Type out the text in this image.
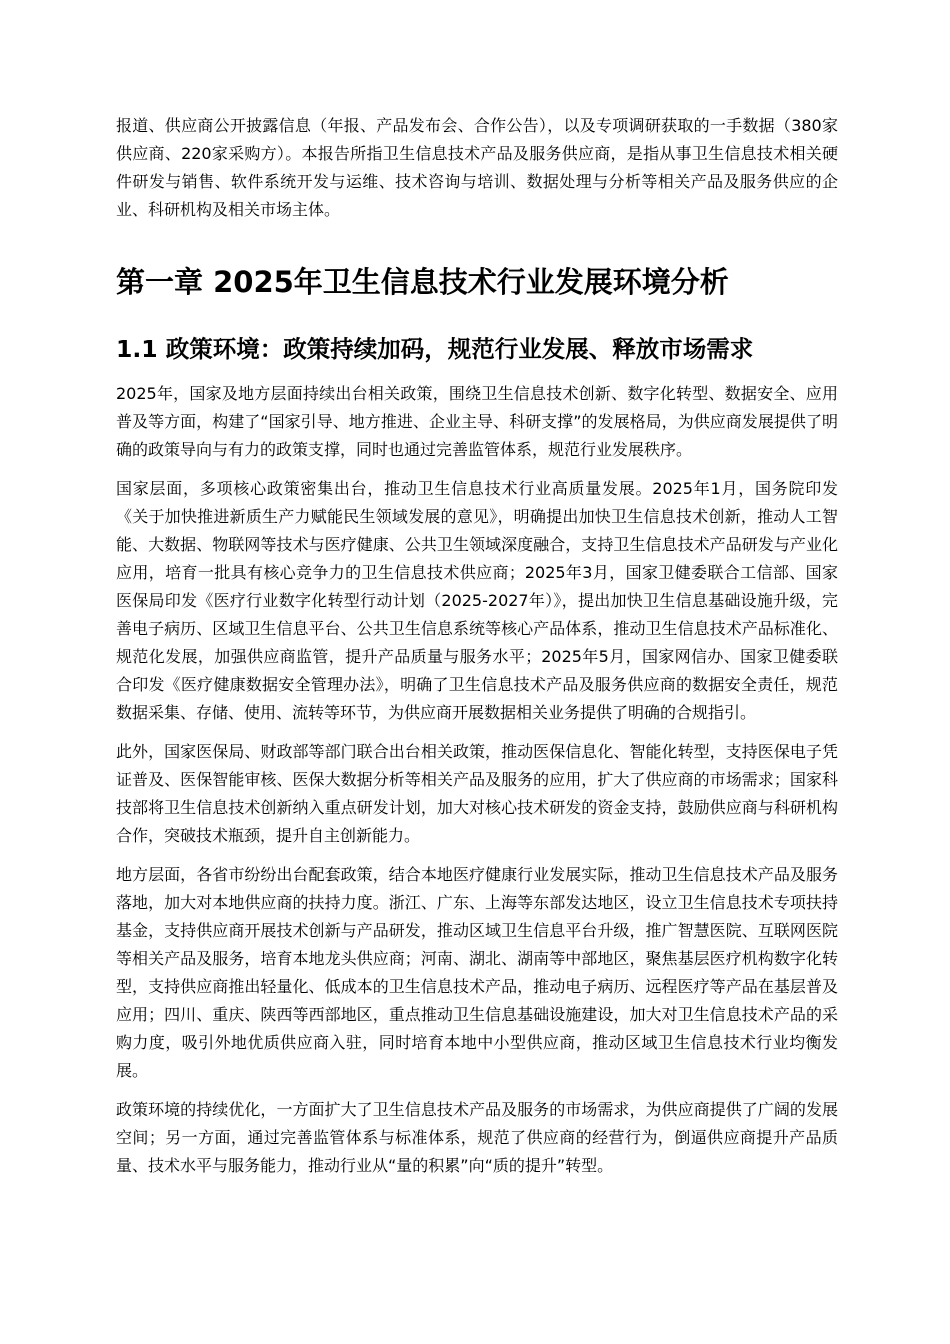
报道、供应商公开披露信息（年报、产品发布会、合作公告），以及专项调研获取的一手数据（380家供应商、220家采购方）。本报告所指卫生信息技术产品及服务供应商，是指从事卫生信息技术相关硬件研发与销售、软件系统开发与运维、技术咨询与培训、数据处理与分析等相关产品及服务供应的企业、科研机构及相关市场主体。

第一章 2025年卫生信息技术行业发展环境分析
1.1 政策环境：政策持续加码，规范行业发展、释放市场需求

2025年，国家及地方层面持续出台相关政策，围绕卫生信息技术创新、数字化转型、数据安全、应用普及等方面，构建了“国家引导、地方推进、企业主导、科研支撑”的发展格局，为供应商发展提供了明确的政策导向与有力的政策支撑，同时也通过完善监管体系，规范行业发展秩序。

国家层面，多项核心政策密集出台，推动卫生信息技术行业高质量发展。2025年1月，国务院印发《关于加快推进新质生产力赋能民生领域发展的意见》，明确提出加快卫生信息技术创新，推动人工智能、大数据、物联网等技术与医疗健康、公共卫生领域深度融合，支持卫生信息技术产品研发与产业化应用，培育一批具有核心竞争力的卫生信息技术供应商；2025年3月，国家卫健委联合工信部、国家医保局印发《医疗行业数字化转型行动计划（2025-2027年）》，提出加快卫生信息基础设施升级，完善电子病历、区域卫生信息平台、公共卫生信息系统等核心产品体系，推动卫生信息技术产品标准化、规范化发展，加强供应商监管，提升产品质量与服务水平；2025年5月，国家网信办、国家卫健委联合印发《医疗健康数据安全管理办法》，明确了卫生信息技术产品及服务供应商的数据安全责任，规范数据采集、存储、使用、流转等环节，为供应商开展数据相关业务提供了明确的合规指引。

此外，国家医保局、财政部等部门联合出台相关政策，推动医保信息化、智能化转型，支持医保电子凭证普及、医保智能审核、医保大数据分析等相关产品及服务的应用，扩大了供应商的市场需求；国家科技部将卫生信息技术创新纳入重点研发计划，加大对核心技术研发的资金支持，鼓励供应商与科研机构合作，突破技术瓶颈，提升自主创新能力。

地方层面，各省市纷纷出台配套政策，结合本地医疗健康行业发展实际，推动卫生信息技术产品及服务落地，加大对本地供应商的扶持力度。浙江、广东、上海等东部发达地区，设立卫生信息技术专项扶持基金，支持供应商开展技术创新与产品研发，推动区域卫生信息平台升级，推广智慧医院、互联网医院等相关产品及服务，培育本地龙头供应商；河南、湖北、湖南等中部地区，聚焦基层医疗机构数字化转型，支持供应商推出轻量化、低成本的卫生信息技术产品，推动电子病历、远程医疗等产品在基层普及应用；四川、重庆、陕西等西部地区，重点推动卫生信息基础设施建设，加大对卫生信息技术产品的采购力度，吸引外地优质供应商入驻，同时培育本地中小型供应商，推动区域卫生信息技术行业均衡发展。

政策环境的持续优化，一方面扩大了卫生信息技术产品及服务的市场需求，为供应商提供了广阔的发展空间；另一方面，通过完善监管体系与标准体系，规范了供应商的经营行为，倒逼供应商提升产品质量、技术水平与服务能力，推动行业从“量的积累”向“质的提升”转型。
